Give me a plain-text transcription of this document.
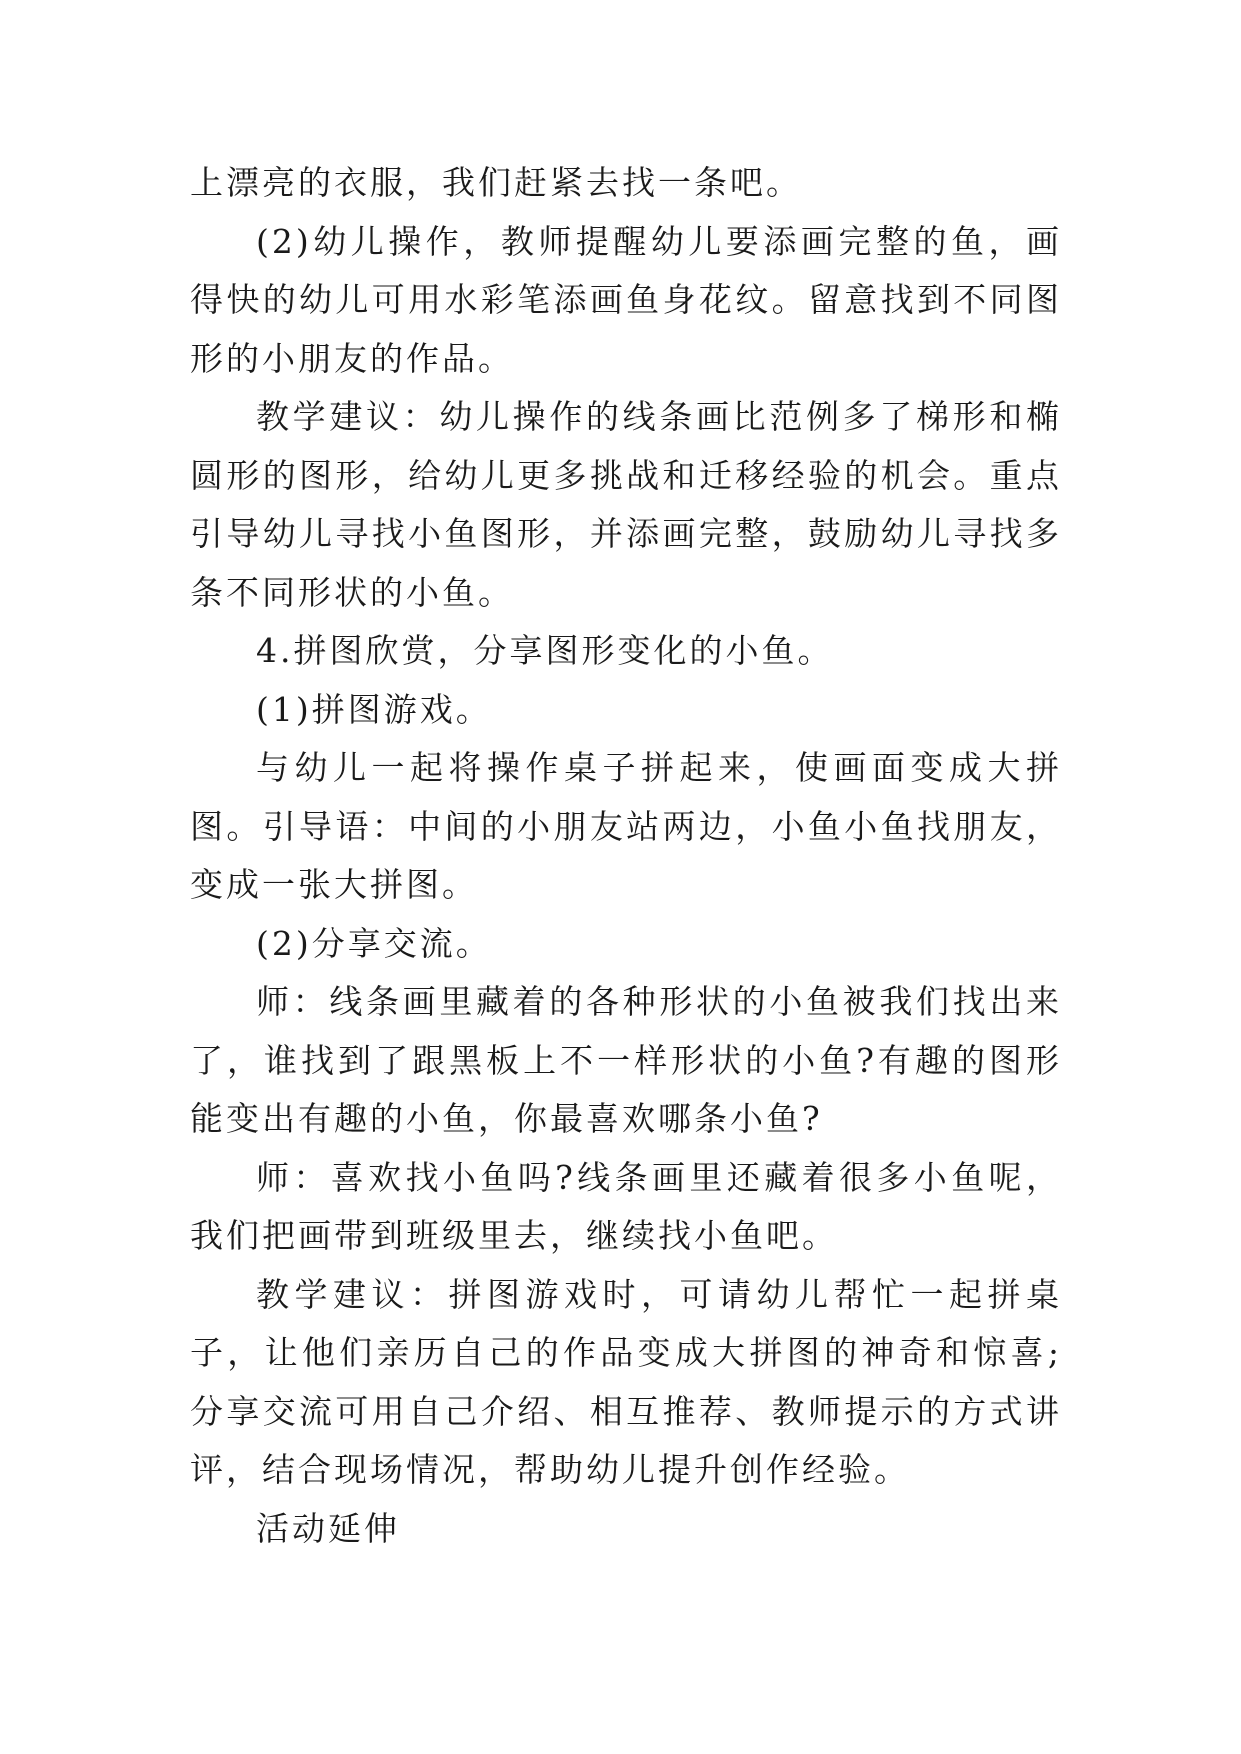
上漂亮的衣服，我们赶紧去找一条吧。

(2)幼儿操作，教师提醒幼儿要添画完整的鱼，画得快的幼儿可用水彩笔添画鱼身花纹。留意找到不同图形的小朋友的作品。

教学建议：幼儿操作的线条画比范例多了梯形和椭圆形的图形，给幼儿更多挑战和迁移经验的机会。重点引导幼儿寻找小鱼图形，并添画完整，鼓励幼儿寻找多条不同形状的小鱼。

4.拼图欣赏，分享图形变化的小鱼。

(1)拼图游戏。

与幼儿一起将操作桌子拼起来，使画面变成大拼图。引导语：中间的小朋友站两边，小鱼小鱼找朋友，变成一张大拼图。

(2)分享交流。

师：线条画里藏着的各种形状的小鱼被我们找出来了，谁找到了跟黑板上不一样形状的小鱼?有趣的图形能变出有趣的小鱼，你最喜欢哪条小鱼?

师：喜欢找小鱼吗?线条画里还藏着很多小鱼呢，我们把画带到班级里去，继续找小鱼吧。

教学建议：拼图游戏时，可请幼儿帮忙一起拼桌子，让他们亲历自己的作品变成大拼图的神奇和惊喜;分享交流可用自己介绍、相互推荐、教师提示的方式讲评，结合现场情况，帮助幼儿提升创作经验。

活动延伸
